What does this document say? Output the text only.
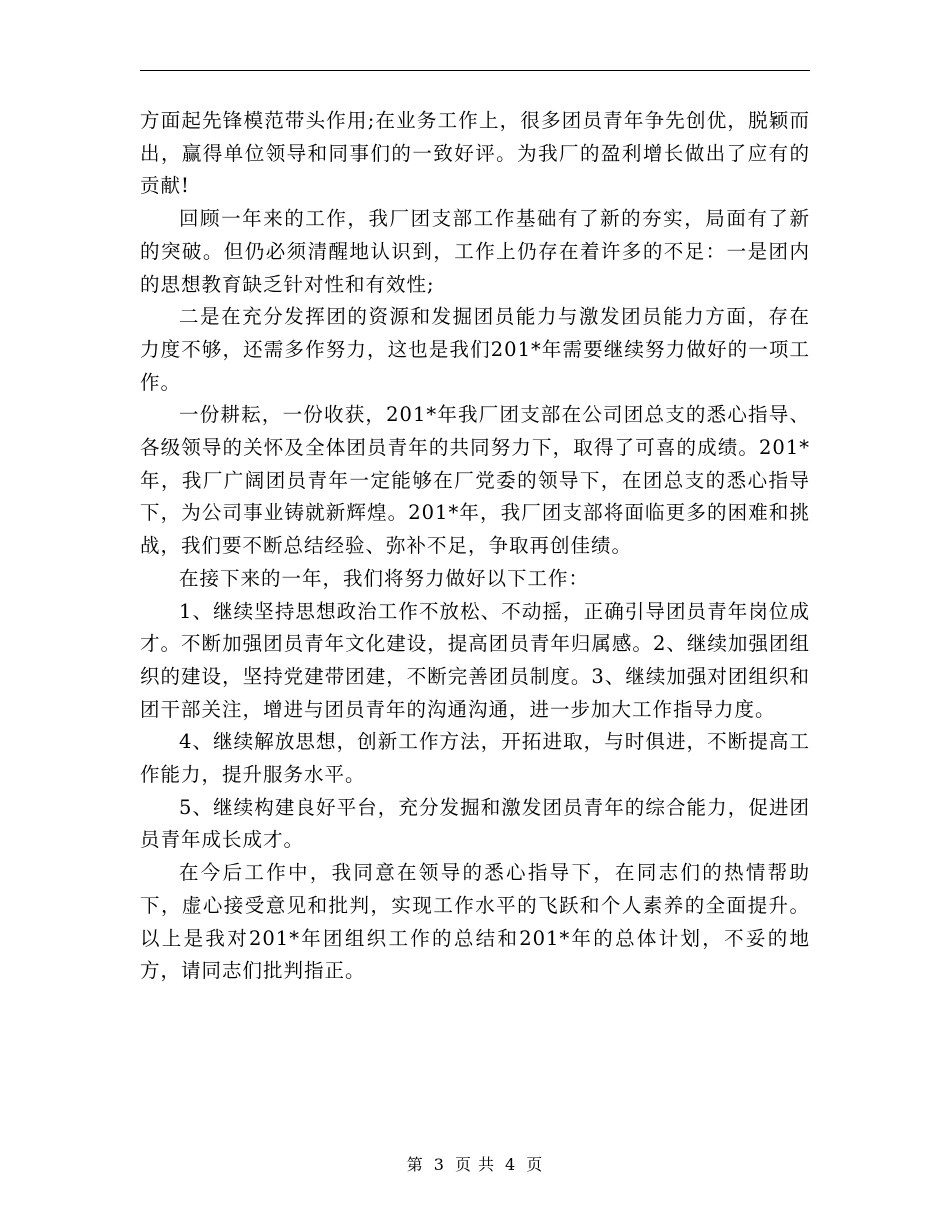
方面起先锋模范带头作用;在业务工作上，很多团员青年争先创优，脱颖而出，赢得单位领导和同事们的一致好评。为我厂的盈利增长做出了应有的贡献!

回顾一年来的工作，我厂团支部工作基础有了新的夯实，局面有了新的突破。但仍必须清醒地认识到，工作上仍存在着许多的不足：一是团内的思想教育缺乏针对性和有效性;

二是在充分发挥团的资源和发掘团员能力与激发团员能力方面，存在力度不够，还需多作努力，这也是我们201*年需要继续努力做好的一项工作。

一份耕耘，一份收获，201*年我厂团支部在公司团总支的悉心指导、各级领导的关怀及全体团员青年的共同努力下，取得了可喜的成绩。201*年，我厂广阔团员青年一定能够在厂党委的领导下，在团总支的悉心指导下，为公司事业铸就新辉煌。201*年，我厂团支部将面临更多的困难和挑战，我们要不断总结经验、弥补不足，争取再创佳绩。

在接下来的一年，我们将努力做好以下工作：

1、继续坚持思想政治工作不放松、不动摇，正确引导团员青年岗位成才。不断加强团员青年文化建设，提高团员青年归属感。2、继续加强团组织的建设，坚持党建带团建，不断完善团员制度。3、继续加强对团组织和团干部关注，增进与团员青年的沟通沟通，进一步加大工作指导力度。

4、继续解放思想，创新工作方法，开拓进取，与时俱进，不断提高工作能力，提升服务水平。

5、继续构建良好平台，充分发掘和激发团员青年的综合能力，促进团员青年成长成才。

在今后工作中，我同意在领导的悉心指导下，在同志们的热情帮助下，虚心接受意见和批判，实现工作水平的飞跃和个人素养的全面提升。以上是我对201*年团组织工作的总结和201*年的总体计划，不妥的地方，请同志们批判指正。

第 3 页 共 4 页
